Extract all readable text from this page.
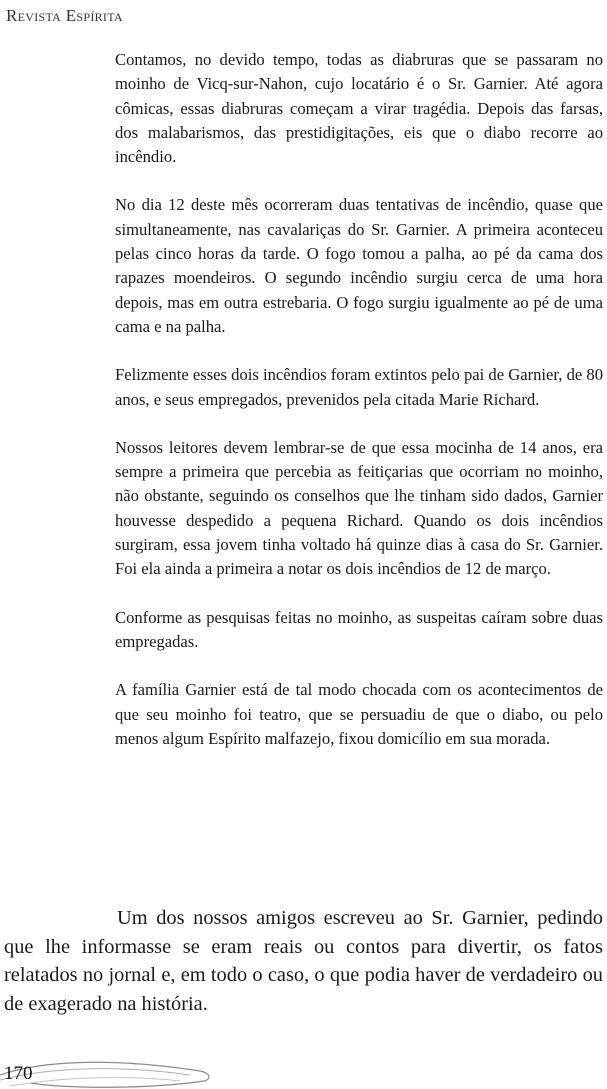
Revista Espírita

Contamos, no devido tempo, todas as diabruras que se passaram no moinho de Vicq-sur-Nahon, cujo locatário é o Sr. Garnier. Até agora cômicas, essas diabruras começam a virar tragédia. Depois das farsas, dos malabarismos, das prestidigitações, eis que o diabo recorre ao incêndio.

No dia 12 deste mês ocorreram duas tentativas de incêndio, quase que simultaneamente, nas cavalariças do Sr. Garnier. A primeira aconteceu pelas cinco horas da tarde. O fogo tomou a palha, ao pé da cama dos rapazes moendeiros. O segundo incêndio surgiu cerca de uma hora depois, mas em outra estrebaria. O fogo surgiu igualmente ao pé de uma cama e na palha.

Felizmente esses dois incêndios foram extintos pelo pai de Garnier, de 80 anos, e seus empregados, prevenidos pela citada Marie Richard.

Nossos leitores devem lembrar-se de que essa mocinha de 14 anos, era sempre a primeira que percebia as feitiçarias que ocorriam no moinho, não obstante, seguindo os conselhos que lhe tinham sido dados, Garnier houvesse despedido a pequena Richard. Quando os dois incêndios surgiram, essa jovem tinha voltado há quinze dias à casa do Sr. Garnier. Foi ela ainda a primeira a notar os dois incêndios de 12 de março.

Conforme as pesquisas feitas no moinho, as suspeitas caíram sobre duas empregadas.

A família Garnier está de tal modo chocada com os acontecimentos de que seu moinho foi teatro, que se persuadiu de que o diabo, ou pelo menos algum Espírito malfazejo, fixou domicílio em sua morada.

Um dos nossos amigos escreveu ao Sr. Garnier, pedindo que lhe informasse se eram reais ou contos para divertir, os fatos relatados no jornal e, em todo o caso, o que podia haver de verdadeiro ou de exagerado na história.

170
